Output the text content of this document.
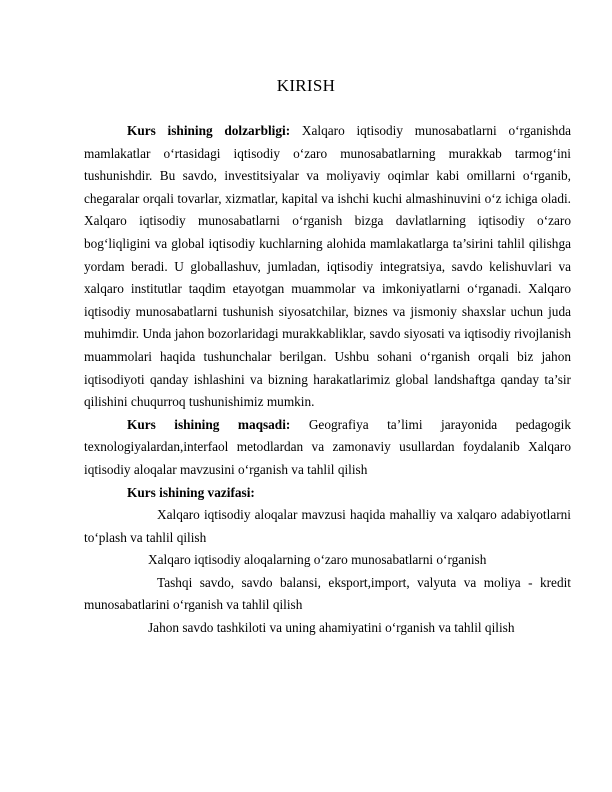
KIRISH

Kurs ishining dolzarbligi: Xalqaro iqtisodiy munosabatlarni o‘rganishda mamlakatlar o‘rtasidagi iqtisodiy o‘zaro munosabatlarning murakkab tarmog‘ini tushunishdir. Bu savdo, investitsiyalar va moliyaviy oqimlar kabi omillarni o‘rganib, chegaralar orqali tovarlar, xizmatlar, kapital va ishchi kuchi almashinuvini o‘z ichiga oladi. Xalqaro iqtisodiy munosabatlarni o‘rganish bizga davlatlarning iqtisodiy o‘zaro bog‘liqligini va global iqtisodiy kuchlarning alohida mamlakatlarga ta’sirini tahlil qilishga yordam beradi. U globallashuv, jumladan, iqtisodiy integratsiya, savdo kelishuvlari va xalqaro institutlar taqdim etayotgan muammolar va imkoniyatlarni o‘rganadi. Xalqaro iqtisodiy munosabatlarni tushunish siyosatchilar, biznes va jismoniy shaxslar uchun juda muhimdir. Unda jahon bozorlaridagi murakkabliklar, savdo siyosati va iqtisodiy rivojlanish muammolari haqida tushunchalar berilgan. Ushbu sohani o‘rganish orqali biz jahon iqtisodiyoti qanday ishlashini va bizning harakatlarimiz global landshaftga qanday ta’sir qilishini chuqurroq tushunishimiz mumkin.

Kurs ishining maqsadi: Geografiya ta’limi jarayonida pedagogik texnologiyalardan,interfaol metodlardan va zamonaviy usullardan foydalanib Xalqaro iqtisodiy aloqalar mavzusini o‘rganish va tahlil qilish

Kurs ishining vazifasi:

Xalqaro iqtisodiy aloqalar mavzusi haqida mahalliy va xalqaro adabiyotlarni to‘plash va tahlil qilish

Xalqaro iqtisodiy aloqalarning o‘zaro munosabatlarni o‘rganish

Tashqi savdo, savdo balansi, eksport,import, valyuta va moliya - kredit munosabatlarini o‘rganish va tahlil qilish

Jahon savdo tashkiloti va uning ahamiyatini o‘rganish va tahlil qilish
